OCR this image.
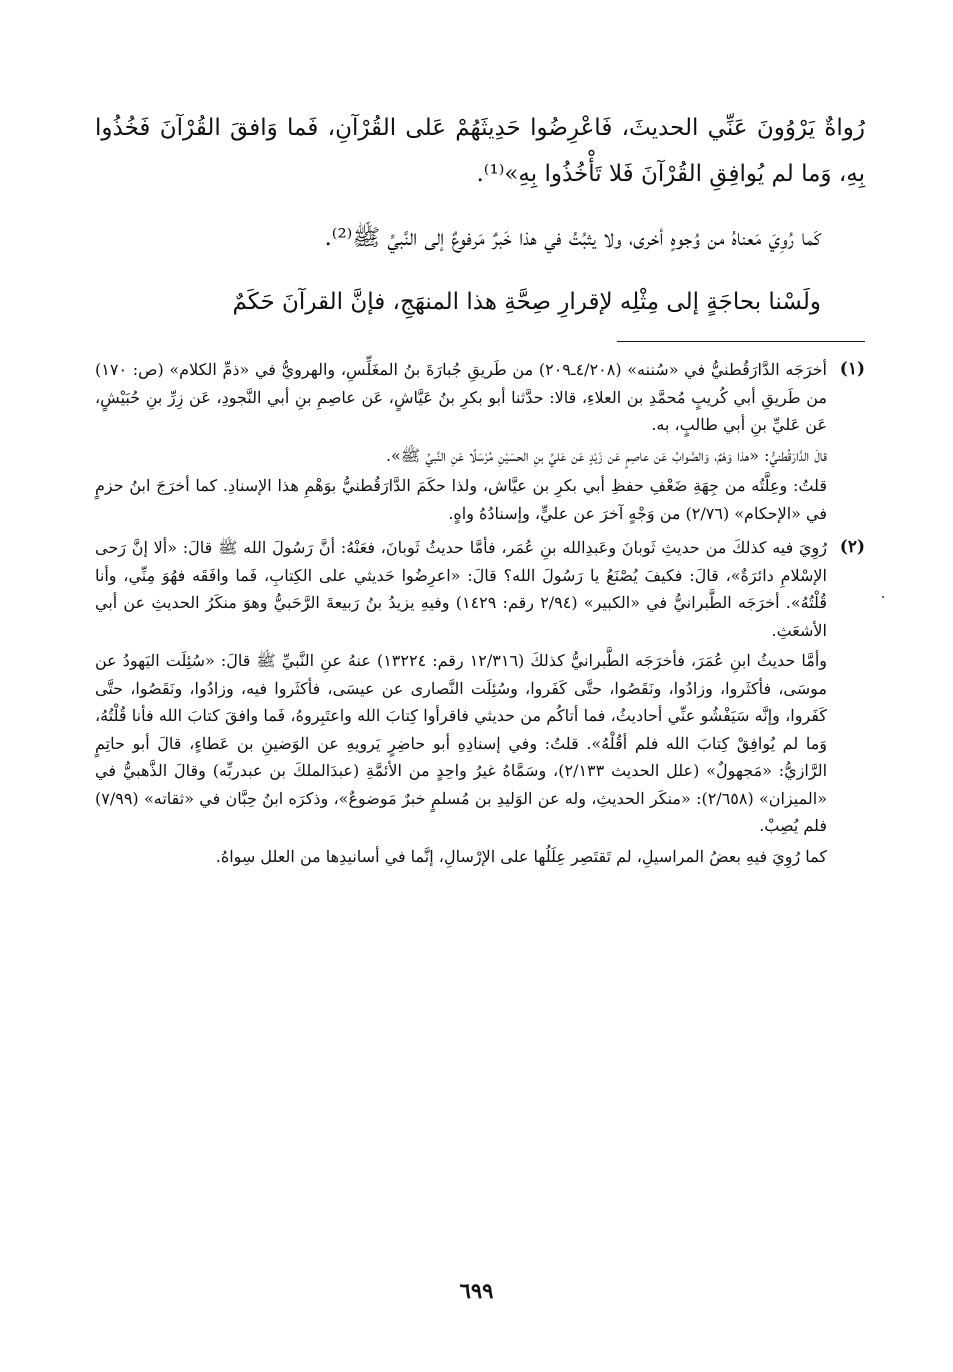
رُواةٌ يَرْوُونَ عَنِّي الحديثَ، فَاعْرِضُوا حَدِيثَهُمْ عَلى القُرْآنِ، فَما وَافقَ القُرْآنَ فَخُذُوا بِهِ، وَما لم يُوافِقِ القُرْآنَ فَلا تَأْخُذُوا بِهِ»⁽¹⁾.

كَما رُوِيَ مَعناهُ من وُجوهٍ أخرى، ولا يثبُتُ في هذا خَبرٌ مَرفوعٌ إلى النَّبيِّ ﷺ⁽²⁾.

ولَسْنا بحاجَةٍ إلى مِثْلِه لإقرارِ صِحَّةِ هذا المنهَجِ، فإنَّ القرآنَ حَكَمٌ

(١)

أخرَجَه الدَّارَقُطنيُّ في «سُننه» (٤/٢٠٨ـ٢٠٩) من طَريقِ جُبارَةَ بنُ المغَلِّسِ، والهرويُّ في «ذمِّ الكلام» (ص: ١٧٠) من طَريقِ أبي كُريبٍ مُحمَّدِ بن العلاءِ، قالا: حدَّثنا أبو بكرِ بنُ عَيَّاشٍ، عَن عاصِمِ بنِ أبي النَّجودِ، عَن زِرِّ بنِ حُبَيْشٍ، عَن عَليِّ بنِ أبي طالبٍ، به.

قالَ الدَّارَقُطنيُّ: «هذا وَهْمٌ، وَالصَّوابُ عَن عاصِمٍ عَن زَيْدٍ عَن عَليِّ بنِ الحسَيْنِ مُرْسَلًا عَنِ النَّبيِّ ﷺ».

قلتُ: وعِلَّتُه من جِهَةِ ضَعْفِ حفظِ أبي بكرِ بن عيَّاش، ولذا حكَمَ الدَّارَقُطنيُّ بوَهْمِ هذا الإسنادِ. كما أخرَجَ ابنُ حزمٍ في «الإحكام» (٢/٧٦) من وَجْهٍ آخرَ عن عليٍّ، وإسنادُهُ واهٍ.

(٢)

رُوِيَ فيه كذلكَ من حديثِ ثَوبانَ وعَبدِالله بنِ عُمَر، فأمَّا حديثُ ثَوبانَ، فعَنْهُ: أنَّ رَسُولَ الله ﷺ قالَ: «ألا إنَّ رَحى الإسْلامِ دائرَةٌ»، قالَ: فكيفَ يُصْنَعُ يا رَسُولَ الله؟ قالَ: «اعرِضُوا حَديثي على الكِتابِ، فَما وافَقَه فهُوَ مِنِّي، وأنا قُلْتُهُ». أخرَجَه الطَّبرانيُّ في «الكبير» (٢/٩٤ رقم: ١٤٢٩) وفيهِ يزيدُ بنُ رَبيعةَ الرَّحَبيُّ وهوَ منكَرُ الحديثِ عن أبي الأشعَثِ.

وأمَّا حديثُ ابنِ عُمَرَ، فأخرَجَه الطَّبرانيُّ كذلكَ (١٢/٣١٦ رقم: ١٣٢٢٤) عنهُ عنِ النَّبيِّ ﷺ قالَ: «سُئِلَت اليَهودُ عن موسَى، فأكثَروا، وزادُوا، ونَقَصُوا، حتَّى كَفَروا، وسُئِلَت النَّصارى عن عيسَى، فأكثَروا فيه، وزادُوا، ونَقَصُوا، حتَّى كَفَروا، وإنَّه سَيَفْشُو عنِّي أحاديثُ، فما أتاكُم من حديثي فاقرأوا كِتابَ الله واعتَبِروهُ، فَما وافقَ كتابَ الله فأنا قُلْتُهُ، وَما لم يُوافِقْ كِتابَ الله فلم أقُلْهُ». قلتُ: وفي إسنادِهِ أبو حاضِرٍ يَرويهِ عن الوَضينِ بن عَطاءٍ، قالَ أبو حاتِمٍ الرَّازيُّ: «مَجهولٌ» (علل الحديث ٢/١٣٣)، وسَمَّاهُ غيرُ واحِدٍ من الأئمَّةِ (عبدَالملكَ بن عبدربِّه) وقالَ الذَّهبيُّ في «الميزان» (٢/٦٥٨): «منكَر الحديثِ، وله عن الوَليدِ بن مُسلمٍ خبرٌ مَوضوعٌ»، وذكرَه ابنُ حِبَّان في «ثقاته» (٧/٩٩) فلم يُصِبْ.

كما رُوِيَ فيهِ بعضُ المراسيلِ، لم تَقتَصِر عِلَلُها على الإرْسالِ، إنَّما في أسانيدِها من العلل سِواهُ.

٦٩٩
